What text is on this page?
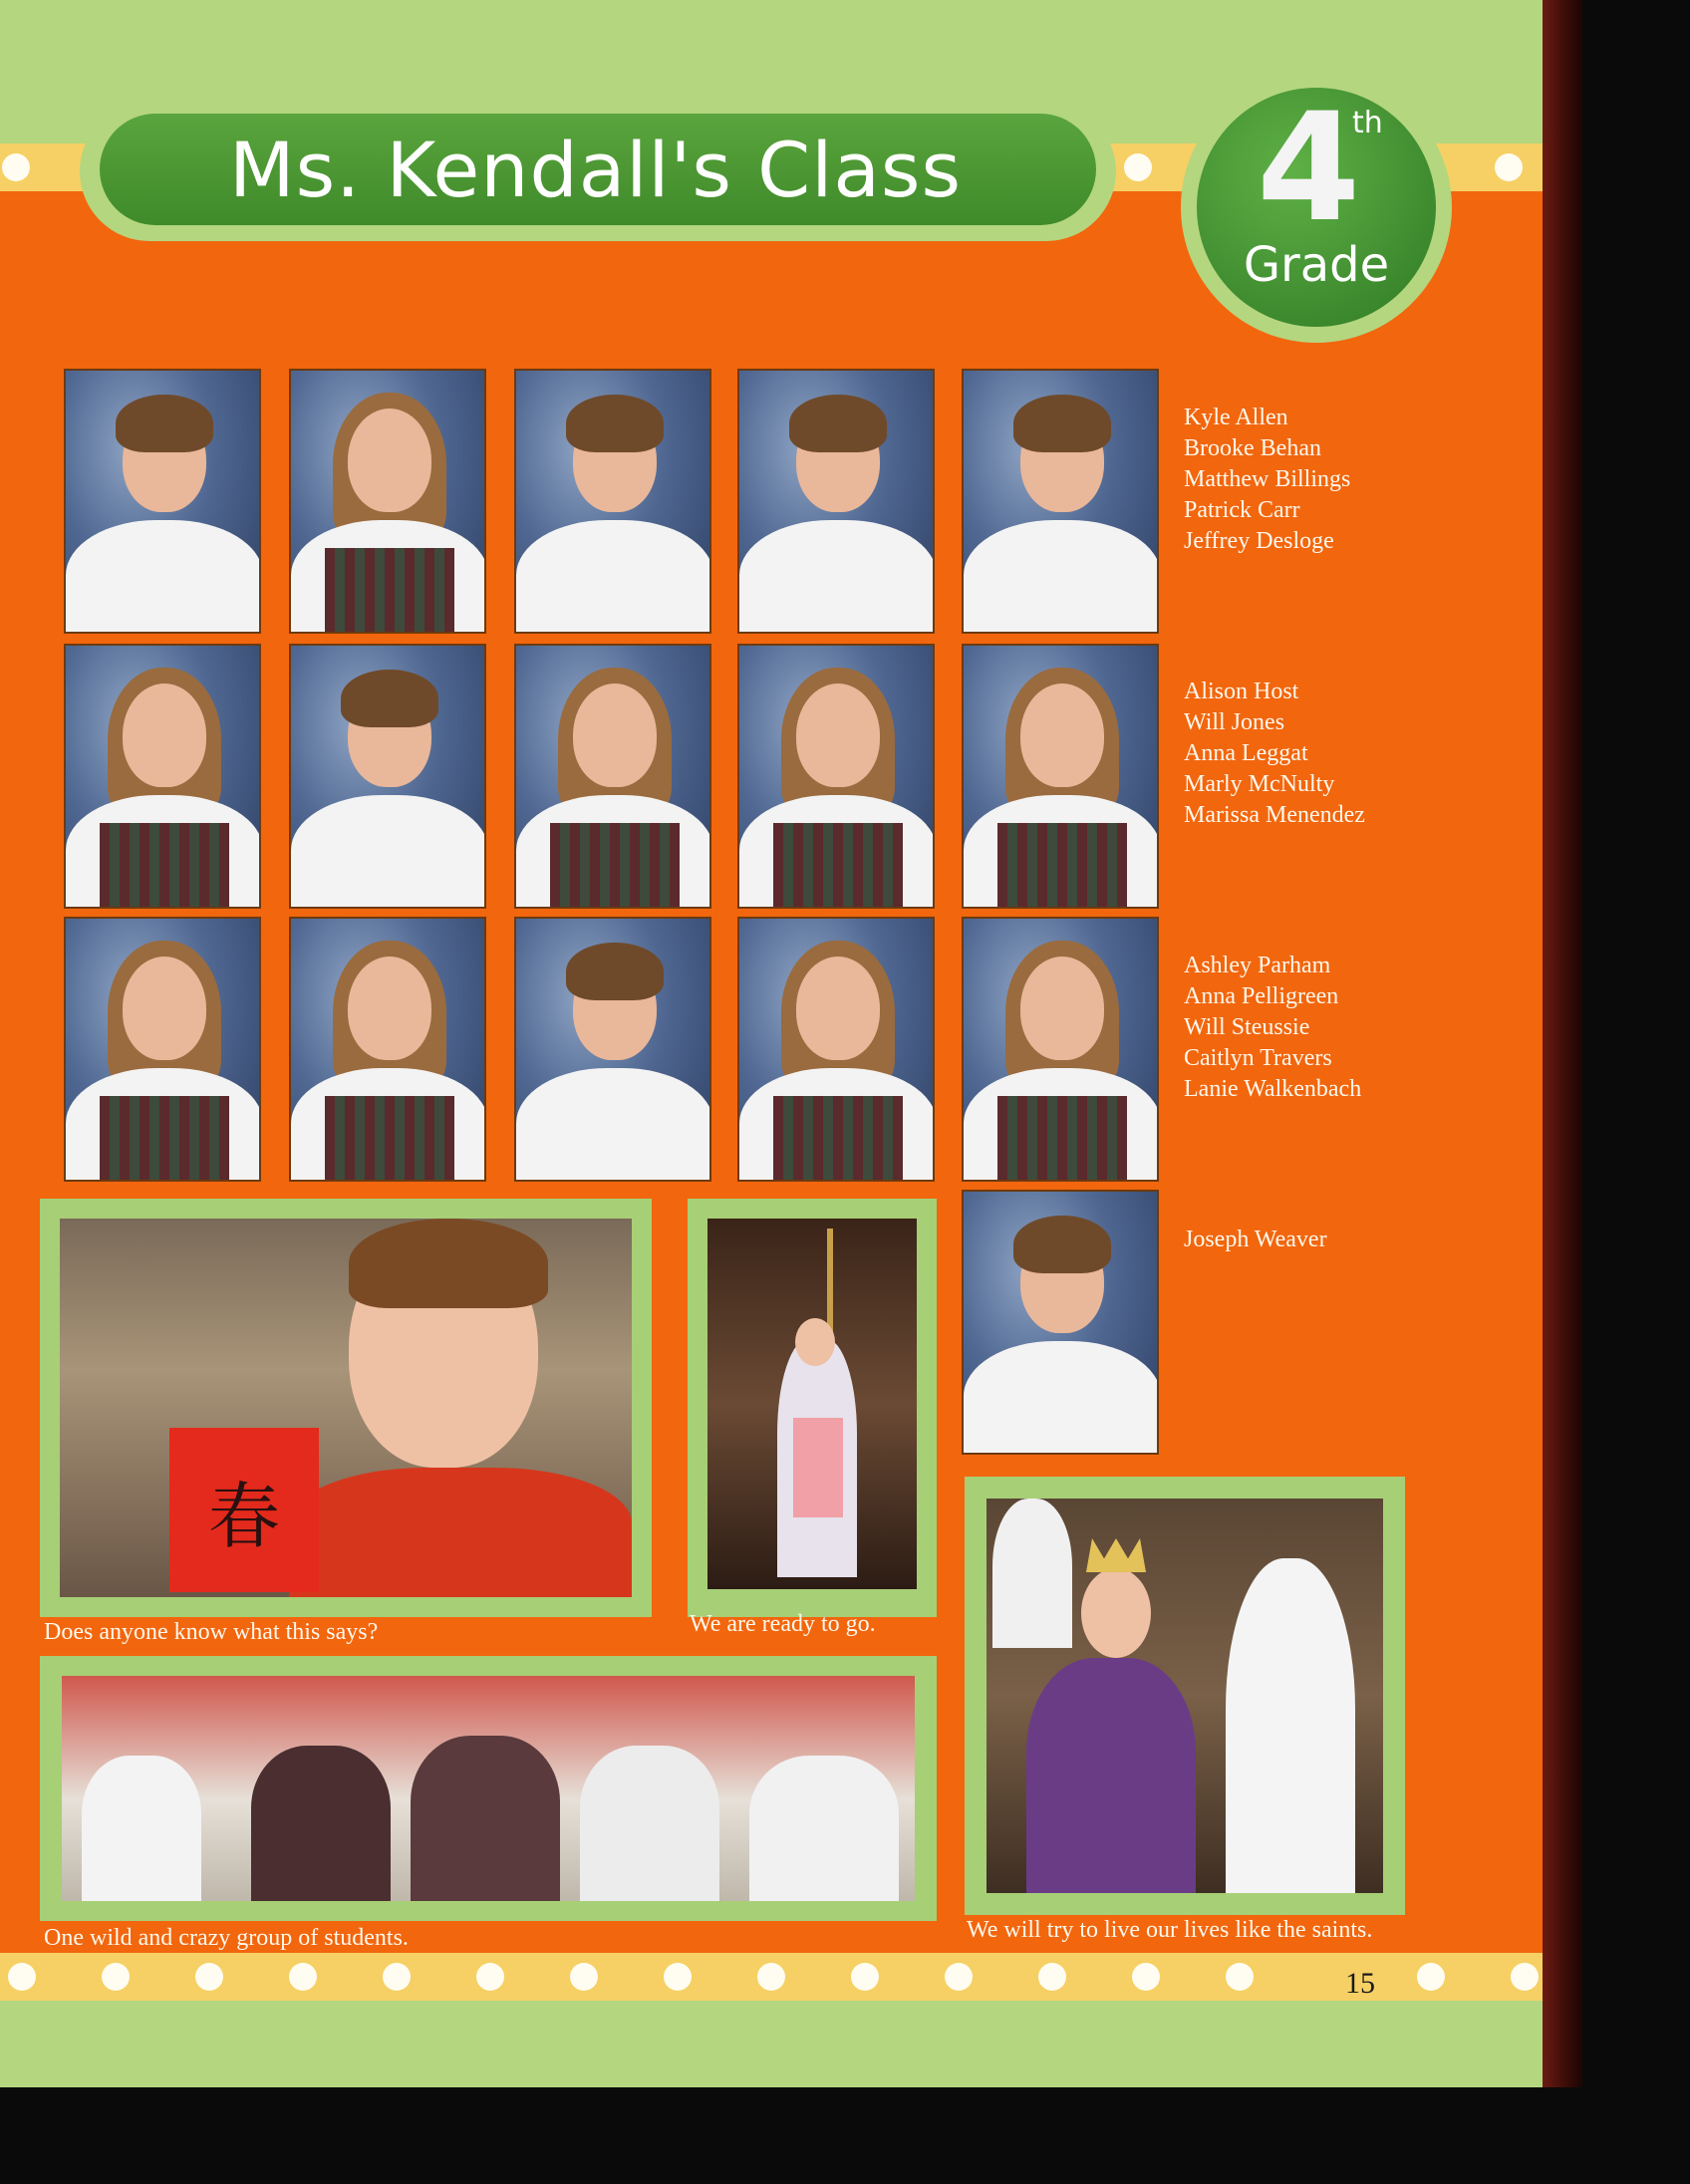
Ms. Kendall's Class 4
th
Grade
Kyle Allen
Brooke Behan
Matthew Billings
Patrick Carr
Jeffrey Desloge
Alison Host
Will Jones
Anna Leggat
Marly McNulty
Marissa Menendez
Ashley Parham
Anna Pelligreen
Will Steussie
Caitlyn Travers
Lanie Walkenbach
Joseph Weaver
春
Does anyone know what this says?	We are ready to go.
One wild and crazy group of students.	We will try to live our lives like the saints.
15
